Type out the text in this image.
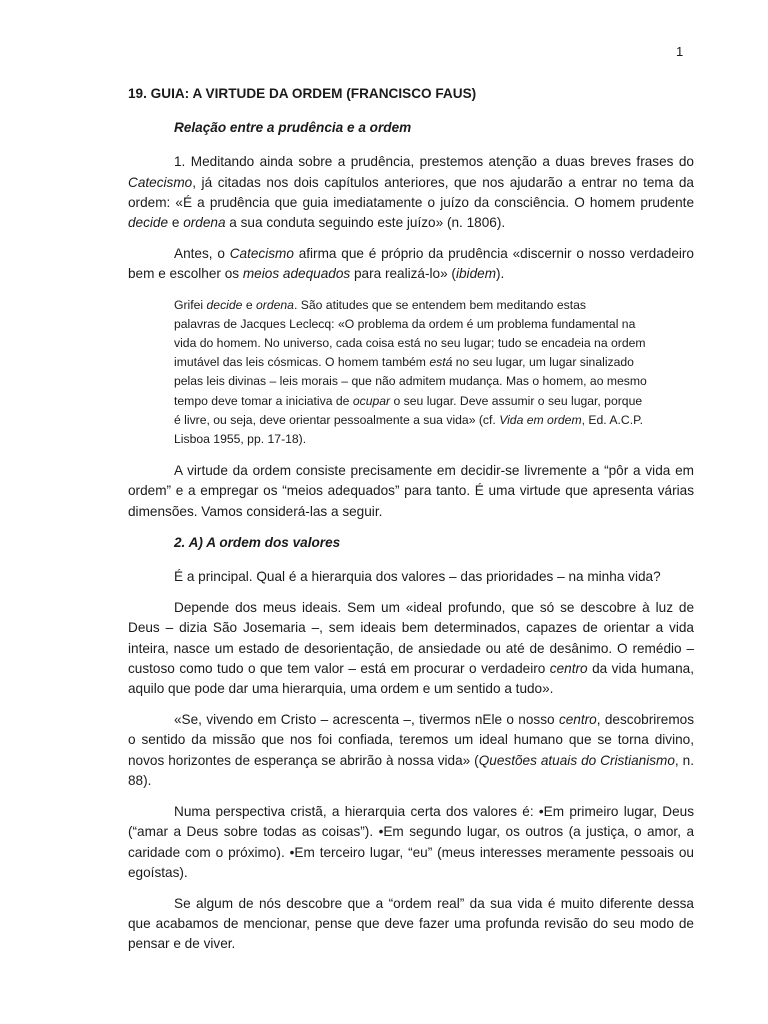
1
19. GUIA: A VIRTUDE DA ORDEM (FRANCISCO FAUS)
Relação entre a prudência e a ordem

1. Meditando ainda sobre a prudência, prestemos atenção a duas breves frases do Catecismo, já citadas nos dois capítulos anteriores, que nos ajudarão a entrar no tema da ordem: «É a prudência que guia imediatamente o juízo da consciência. O homem prudente decide e ordena a sua conduta seguindo este juízo» (n. 1806).

Antes, o Catecismo afirma que é próprio da prudência «discernir o nosso verdadeiro bem e escolher os meios adequados para realizá-lo» (ibidem).

Grifei decide e ordena. São atitudes que se entendem bem meditando estas
palavras de Jacques Leclecq: «O problema da ordem é um problema fundamental na
vida do homem. No universo, cada coisa está no seu lugar; tudo se encadeia na ordem
imutável das leis cósmicas. O homem também está no seu lugar, um lugar sinalizado
pelas leis divinas – leis morais – que não admitem mudança. Mas o homem, ao mesmo
tempo deve tomar a iniciativa de ocupar o seu lugar. Deve assumir o seu lugar, porque
é livre, ou seja, deve orientar pessoalmente a sua vida» (cf. Vida em ordem, Ed. A.C.P.
Lisboa 1955, pp. 17-18).

A virtude da ordem consiste precisamente em decidir-se livremente a “pôr a vida em ordem” e a empregar os “meios adequados” para tanto. É uma virtude que apresenta várias dimensões. Vamos considerá-las a seguir.

2. A) A ordem dos valores

É a principal. Qual é a hierarquia dos valores – das prioridades – na minha vida?

Depende dos meus ideais. Sem um «ideal profundo, que só se descobre à luz de Deus – dizia São Josemaria –, sem ideais bem determinados, capazes de orientar a vida inteira, nasce um estado de desorientação, de ansiedade ou até de desânimo. O remédio – custoso como tudo o que tem valor – está em procurar o verdadeiro centro da vida humana, aquilo que pode dar uma hierarquia, uma ordem e um sentido a tudo».

«Se, vivendo em Cristo – acrescenta –, tivermos nEle o nosso centro, descobriremos o sentido da missão que nos foi confiada, teremos um ideal humano que se torna divino, novos horizontes de esperança se abrirão à nossa vida» (Questões atuais do Cristianismo, n. 88).

Numa perspectiva cristã, a hierarquia certa dos valores é: •Em primeiro lugar, Deus (“amar a Deus sobre todas as coisas”). •Em segundo lugar, os outros (a justiça, o amor, a caridade com o próximo). •Em terceiro lugar, “eu” (meus interesses meramente pessoais ou egoístas).

Se algum de nós descobre que a “ordem real” da sua vida é muito diferente dessa que acabamos de mencionar, pense que deve fazer uma profunda revisão do seu modo de pensar e de viver.
